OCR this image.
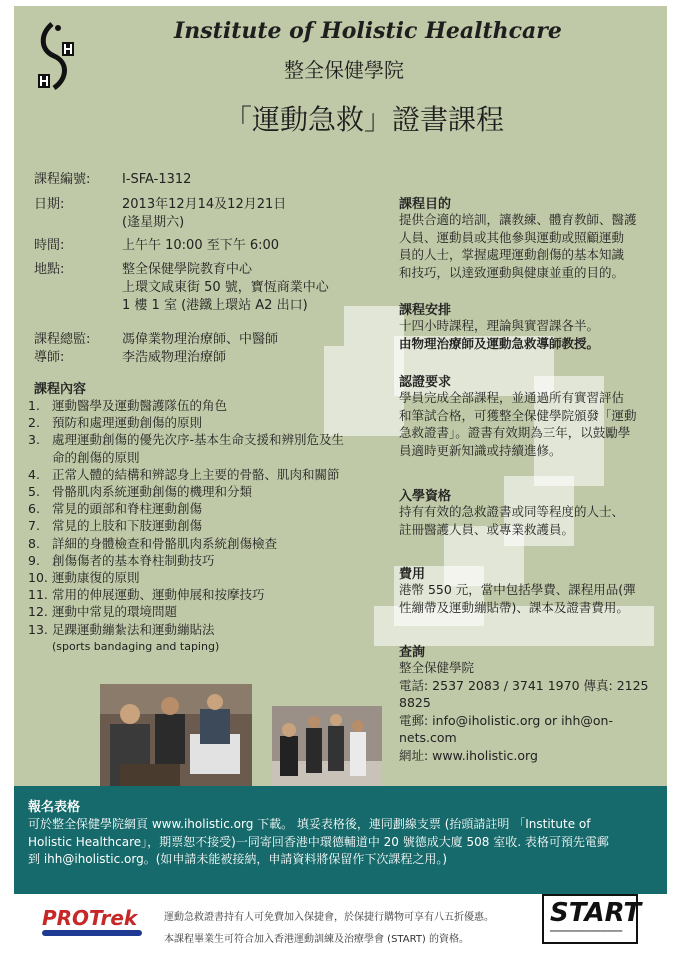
Institute of Holistic Healthcare
整全保健學院
「運動急救」證書課程
課程編號:	I-SFA-1312
日期:	2013年12月14及12月21日
(逢星期六)
時間:	上午午 10:00 至下午 6:00
地點:	整全保健學院教育中心
上環文咸東街 50 號，寶恆商業中心
1 樓 1 室 (港鐵上環站 A2 出口)
課程總監:	馮偉業物理治療師、中醫師
導師:	李浩威物理治療師
課程內容
1. 運動醫學及運動醫護隊伍的角色
2. 預防和處理運動創傷的原則
3. 處理運動創傷的優先次序-基本生命支援和辨別危及生
命的創傷的原則
4. 正常人體的結構和辨認身上主要的骨骼、肌肉和關節
5. 骨骼肌肉系統運動創傷的機理和分類
6. 常見的頭部和脊柱運動創傷
7. 常見的上肢和下肢運動創傷
8. 詳細的身體檢查和骨骼肌肉系統創傷檢查
9. 創傷傷者的基本脊柱制動技巧
10. 運動康復的原則
11. 常用的伸展運動、運動伸展和按摩技巧
12. 運動中常見的環境問題
13. 足踝運動繃紮法和運動繃貼法
(sports bandaging and taping)
課程目的
提供合適的培訓，讓教練、體育教師、醫護
人員、運動員或其他參與運動或照顧運動
員的人士，掌握處理運動創傷的基本知識
和技巧，以達致運動與健康並重的目的。
課程安排
十四小時課程，理論與實習課各半。
由物理治療師及運動急救導師教授。
認證要求
學員完成全部課程，並通過所有實習評估
和筆試合格，可獲整全保健學院頒發「運動
急救證書」。證書有效期為三年，以鼓勵學
員適時更新知識或持續進修。
入學資格
持有有效的急救證書或同等程度的人士、
註冊醫護人員、或專業救護員。
費用
港幣 550 元，當中包括學費、課程用品(彈
性繃帶及運動繃貼帶)、課本及證書費用。
查詢
整全保健學院
電話: 2537 2083 / 3741 1970 傳真: 2125 8825
電郵: info@iholistic.org or ihh@on-nets.com
網址: www.iholistic.org
報名表格
可於整全保健學院網頁 www.iholistic.org 下載。 填妥表格後，連同劃線支票 (抬頭請註明 「Institute of
Holistic Healthcare」，期票恕不接受)一同寄回香港中環德輔道中 20 號德成大廈 508 室收. 表格可預先電郵
到 ihh@iholistic.org。(如申請未能被接納，申請資料將保留作下次課程之用。)
PROTrek	運動急救證書持有人可免費加入保捷會，於保捷行購物可享有八五折優惠。
本課程畢業生可符合加入香港運動訓練及治療學會 (START) 的資格。
START
━━━━━━━━━━━━━━━━━━━━
